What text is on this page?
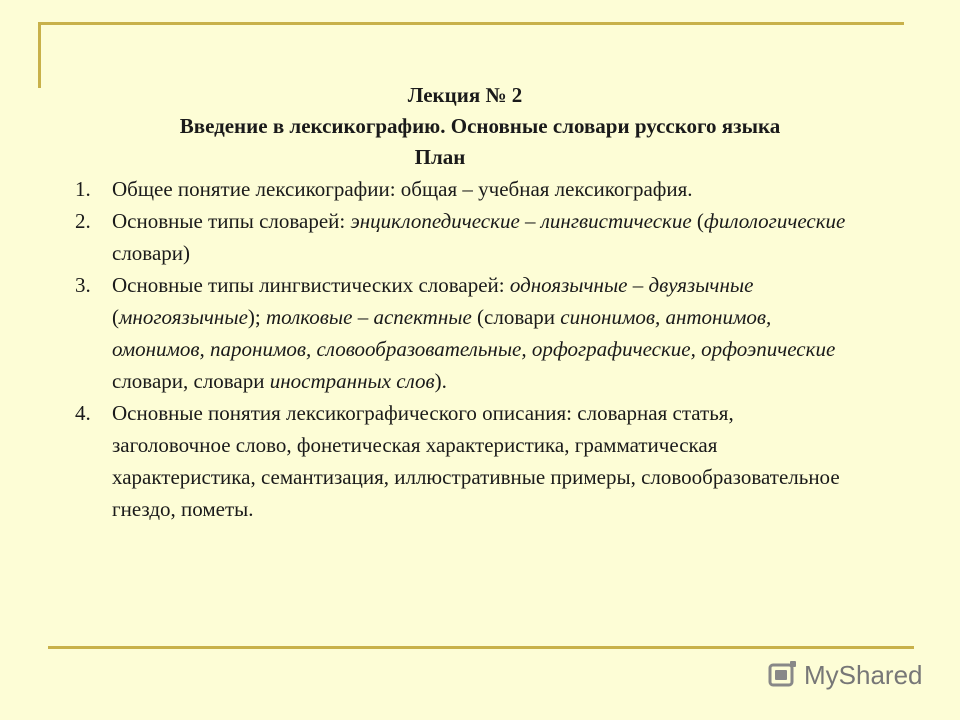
Лекция № 2
Введение в лексикографию. Основные словари русского языка
План
1. Общее понятие лексикографии: общая – учебная лексикография.

2. Основные типы словарей: энциклопедические – лингвистические (филологические словари)

3. Основные типы лингвистических словарей: одноязычные – двуязычные (многоязычные); толковые – аспектные (словари синонимов, антонимов, омонимов, паронимов, словообразовательные, орфографические, орфоэпические словари, словари иностранных слов).

4. Основные понятия лексикографического описания: словарная статья, заголовочное слово, фонетическая характеристика, грамматическая характеристика, семантизация, иллюстративные примеры, словообразовательное гнездо, пометы.

MyShared
